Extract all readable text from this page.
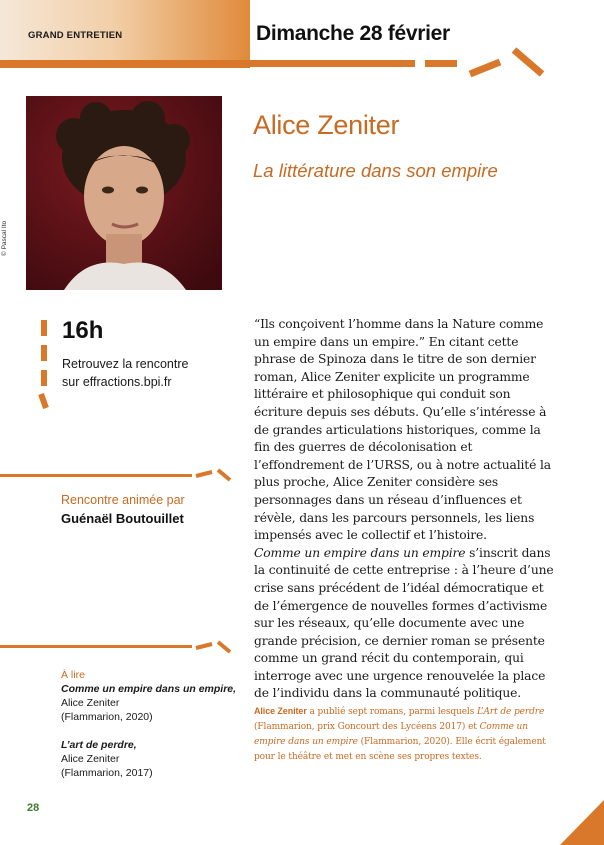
GRAND ENTRETIEN	Dimanche 28 février
© Pascal Ito
Alice Zeniter
La littérature dans son empire
16h
Retrouvez la rencontre
sur effractions.bpi.fr
Rencontre animée par
Guénaël Boutouillet
À lire
Comme un empire dans un empire,
Alice Zeniter
(Flammarion, 2020)
L’art de perdre,
Alice Zeniter
(Flammarion, 2017)

“Ils conçoivent l’homme dans la Nature comme un empire dans un empire.” En citant cette phrase de Spinoza dans le titre de son dernier roman, Alice Zeniter explicite un programme littéraire et philosophique qui conduit son écriture depuis ses débuts. Qu’elle s’intéresse à de grandes articulations historiques, comme la fin des guerres de décolonisation et l’effondrement de l’URSS, ou à notre actualité la plus proche, Alice Zeniter considère ses personnages dans un réseau d’influences et révèle, dans les parcours personnels, les liens impensés avec le collectif et l’histoire.

Comme un empire dans un empire s’inscrit dans la continuité de cette entreprise : à l’heure d’une crise sans précédent de l’idéal démocratique et de l’émergence de nouvelles formes d’activisme sur les réseaux, qu’elle documente avec une grande précision, ce dernier roman se présente comme un grand récit du contemporain, qui interroge avec une urgence renouvelée la place de l’individu dans la communauté politique.

Alice Zeniter a publié sept romans, parmi lesquels L’Art de perdre (Flammarion, prix Goncourt des Lycéens 2017) et Comme un empire dans un empire (Flammarion, 2020). Elle écrit également pour le théâtre et met en scène ses propres textes.
28
